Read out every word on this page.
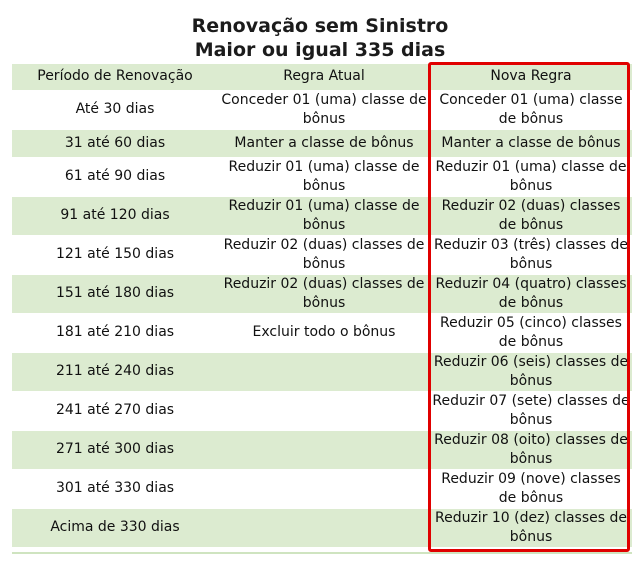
Renovação sem Sinistro
Maior ou igual 335 dias
Período de Renovação	Regra Atual	Nova Regra
Até 30 dias	Conceder 01 (uma) classe de bônus	Conceder 01 (uma) classe de bônus
31 até 60 dias	Manter a classe de bônus	Manter a classe de bônus
61 até 90 dias	Reduzir 01 (uma) classe de bônus	Reduzir 01 (uma) classe de bônus
91 até 120 dias	Reduzir 01 (uma) classe de bônus	Reduzir 02 (duas) classes de bônus
121 até 150 dias	Reduzir 02 (duas) classes de bônus	Reduzir 03 (três) classes de bônus
151 até 180 dias	Reduzir 02 (duas) classes de bônus	Reduzir 04 (quatro) classes de bônus
181 até 210 dias	Excluir todo o bônus	Reduzir 05 (cinco) classes de bônus
211 até 240 dias		Reduzir 06 (seis) classes de bônus
241 até 270 dias		Reduzir 07 (sete) classes de bônus
271 até 300 dias		Reduzir 08 (oito) classes de bônus
301 até 330 dias		Reduzir 09 (nove) classes de bônus
Acima de 330 dias		Reduzir 10 (dez) classes de bônus
